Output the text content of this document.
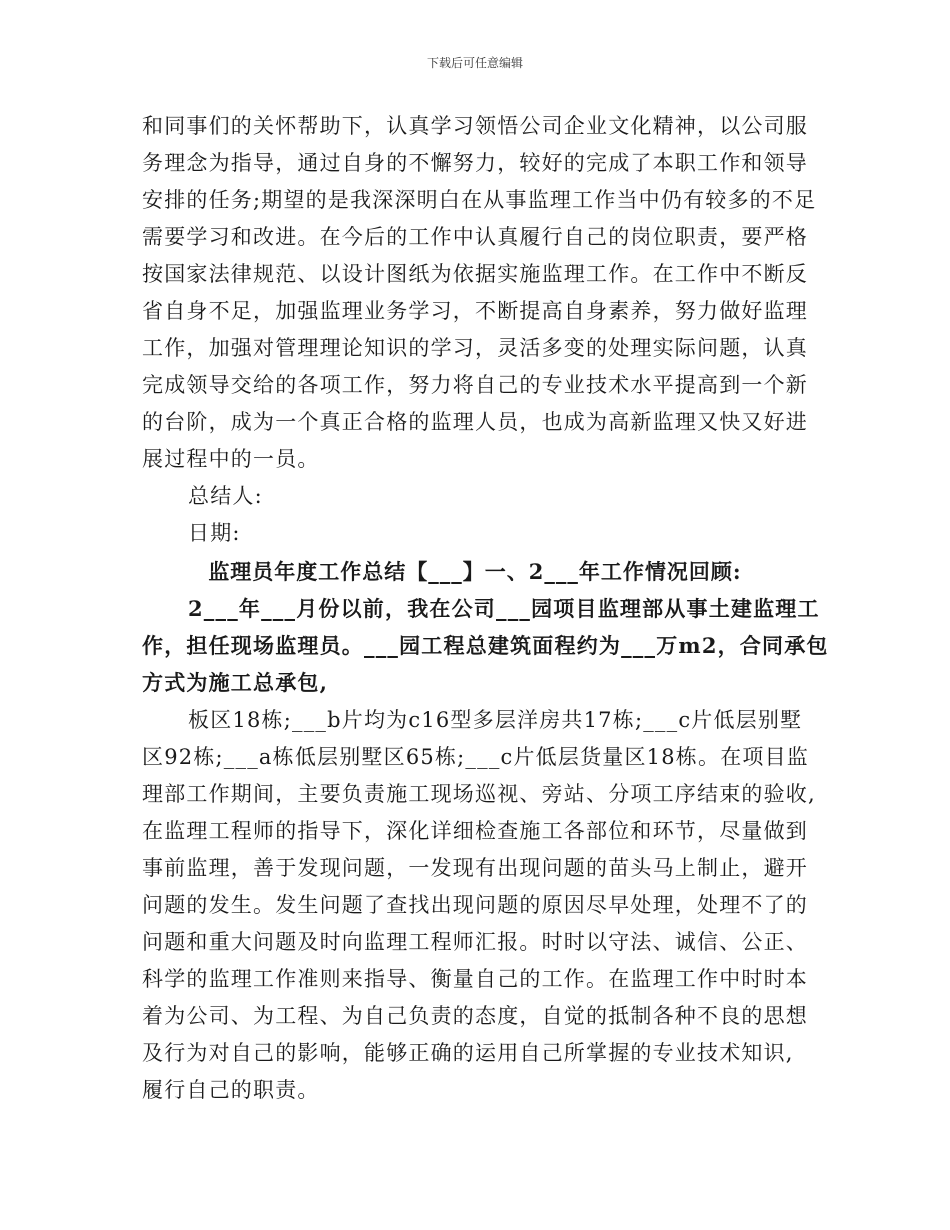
下载后可任意编辑
和同事们的关怀帮助下，认真学习领悟公司企业文化精神，以公司服
务理念为指导，通过自身的不懈努力，较好的完成了本职工作和领导
安排的任务;期望的是我深深明白在从事监理工作当中仍有较多的不足
需要学习和改进。在今后的工作中认真履行自己的岗位职责，要严格
按国家法律规范、以设计图纸为依据实施监理工作。在工作中不断反
省自身不足，加强监理业务学习，不断提高自身素养，努力做好监理
工作，加强对管理理论知识的学习，灵活多变的处理实际问题，认真
完成领导交给的各项工作，努力将自己的专业技术水平提高到一个新
的台阶，成为一个真正合格的监理人员，也成为高新监理又快又好进
展过程中的一员。
总结人:
日期:
监理员年度工作总结【___】一、2___年工作情况回顾:
2___年___月份以前，我在公司___园项目监理部从事土建监理工
作，担任现场监理员。___园工程总建筑面程约为___万m2，合同承包
方式为施工总承包,
板区18栋;___b片均为c16型多层洋房共17栋;___c片低层别墅
区92栋;___a栋低层别墅区65栋;___c片低层货量区18栋。在项目监
理部工作期间，主要负责施工现场巡视、旁站、分项工序结束的验收,
在监理工程师的指导下，深化详细检查施工各部位和环节，尽量做到
事前监理，善于发现问题，一发现有出现问题的苗头马上制止，避开
问题的发生。发生问题了查找出现问题的原因尽早处理，处理不了的
问题和重大问题及时向监理工程师汇报。时时以守法、诚信、公正、
科学的监理工作准则来指导、衡量自己的工作。在监理工作中时时本
着为公司、为工程、为自己负责的态度，自觉的抵制各种不良的思想
及行为对自己的影响，能够正确的运用自己所掌握的专业技术知识,
履行自己的职责。
